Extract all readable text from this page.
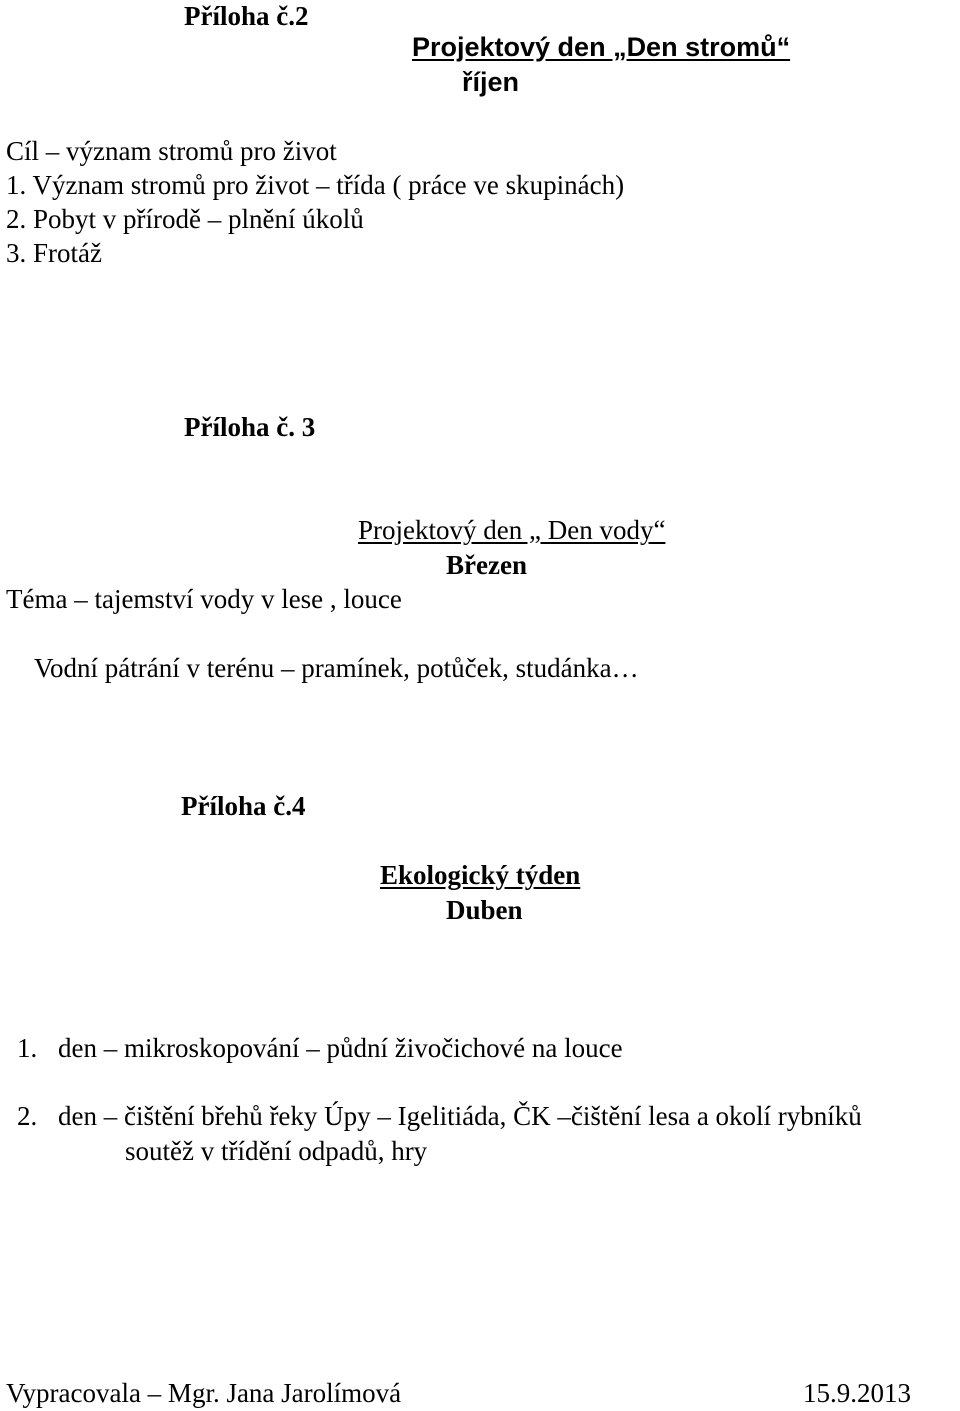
Příloha č.2
Projektový den „Den stromů“
říjen
Cíl – význam stromů pro život
1. Význam stromů pro život – třída ( práce ve skupinách)
2. Pobyt v přírodě – plnění úkolů
3. Frotáž
Příloha č. 3
Projektový den „ Den vody“
Březen
Téma – tajemství vody v lese , louce
Vodní pátrání v terénu – pramínek, potůček, studánka…
Příloha č.4
Ekologický týden
Duben
1. den – mikroskopování – půdní živočichové na louce
2. den – čištění břehů řeky Úpy – Igelitiáda, ČK –čištění lesa a okolí rybníků
soutěž v třídění odpadů, hry
Vypracovala – Mgr. Jana Jarolímová	15.9.2013
